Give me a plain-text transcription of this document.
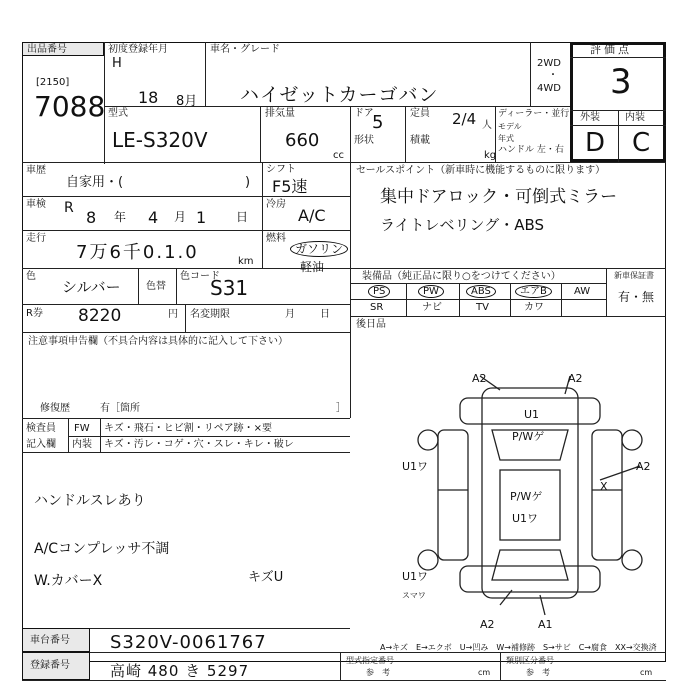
出品番号
[2150]
7088
初度登録年月
H
18 8月
車名・グレード
ハイゼットカーゴバン
2WD
・
4WD
評価点
3
型式
LE-S320V
排気量
660
cc
ドア
5
形状
定員 2/4 人
積載
kg
ディーラー・並行
モデル
年式
ハンドル 左・右
外装	内装
D C
車歴
自家用・(	)
車検 R 8 年 4 月 1 日
走行
7万6千0.1.0	km
色
シルバー	色替
色コード
S31
R券 8220	円 名変期限	月	日
シフト
F5速
冷房
A/C
燃料
ガソリン
軽油
セールスポイント（新車時に機能するものに限ります）
集中ドアロック・可倒式ミラー
ライトレベリング・ABS
装備品（純正品に限り○をつけてください）	新車保証書
有・無
PS	PW	ABS	エアB	AW
SR	ナビ	TV	カワ
後日品
注意事項申告欄（不具合内容は具体的に記入して下さい）
修復歴	有［箇所	］
検査員
記入欄
FW キズ・飛石・ヒビ割・リペア跡・×要
内装 キズ・汚レ・コゲ・穴・スレ・キレ・破レ
ハンドルスレあり
A/Cコンプレッサ不調
W.カバーX	キズU
A2	A2
U1
P/Wゲ
U1ワ
X
A2
P/Wゲ
U1ワ
U1ワ
スマワ
A2	A1
A→キズ　E→エクボ　U→凹み　W→補修跡　S→サビ　C→腐食　XX→交換済
車台番号 S320V-0061767
登録番号	高崎 480 き 5297
型式指定番号
参　考	cm
類別区分番号
参　考	cm
